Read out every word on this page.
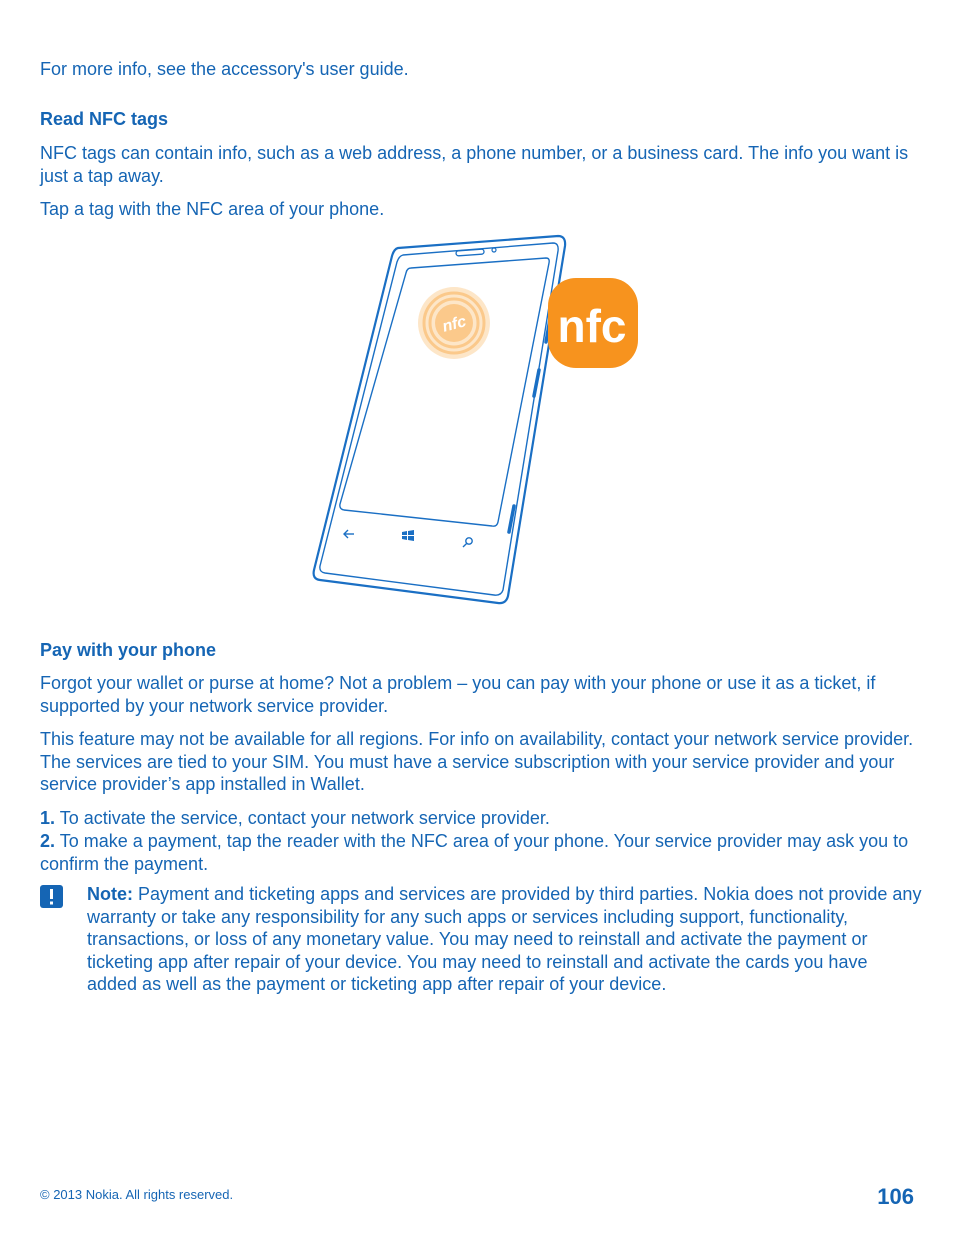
For more info, see the accessory's user guide.

Read NFC tags

NFC tags can contain info, such as a web address, a phone number, or a business card. The info you want is just a tap away.

Tap a tag with the NFC area of your phone.

nfc nfc
Pay with your phone

Forgot your wallet or purse at home? Not a problem – you can pay with your phone or use it as a ticket, if supported by your network service provider.

This feature may not be available for all regions. For info on availability, contact your network service provider. The services are tied to your SIM. You must have a service subscription with your service provider and your service provider’s app installed in Wallet.

1. To activate the service, contact your network service provider.

2. To make a payment, tap the reader with the NFC area of your phone. Your service provider may ask you to confirm the payment.

Note: Payment and ticketing apps and services are provided by third parties. Nokia does not provide any warranty or take any responsibility for any such apps or services including support, functionality, transactions, or loss of any monetary value. You may need to reinstall and activate the payment or ticketing app after repair of your device. You may need to reinstall and activate the cards you have added as well as the payment or ticketing app after repair of your device.

© 2013 Nokia. All rights reserved.	106
